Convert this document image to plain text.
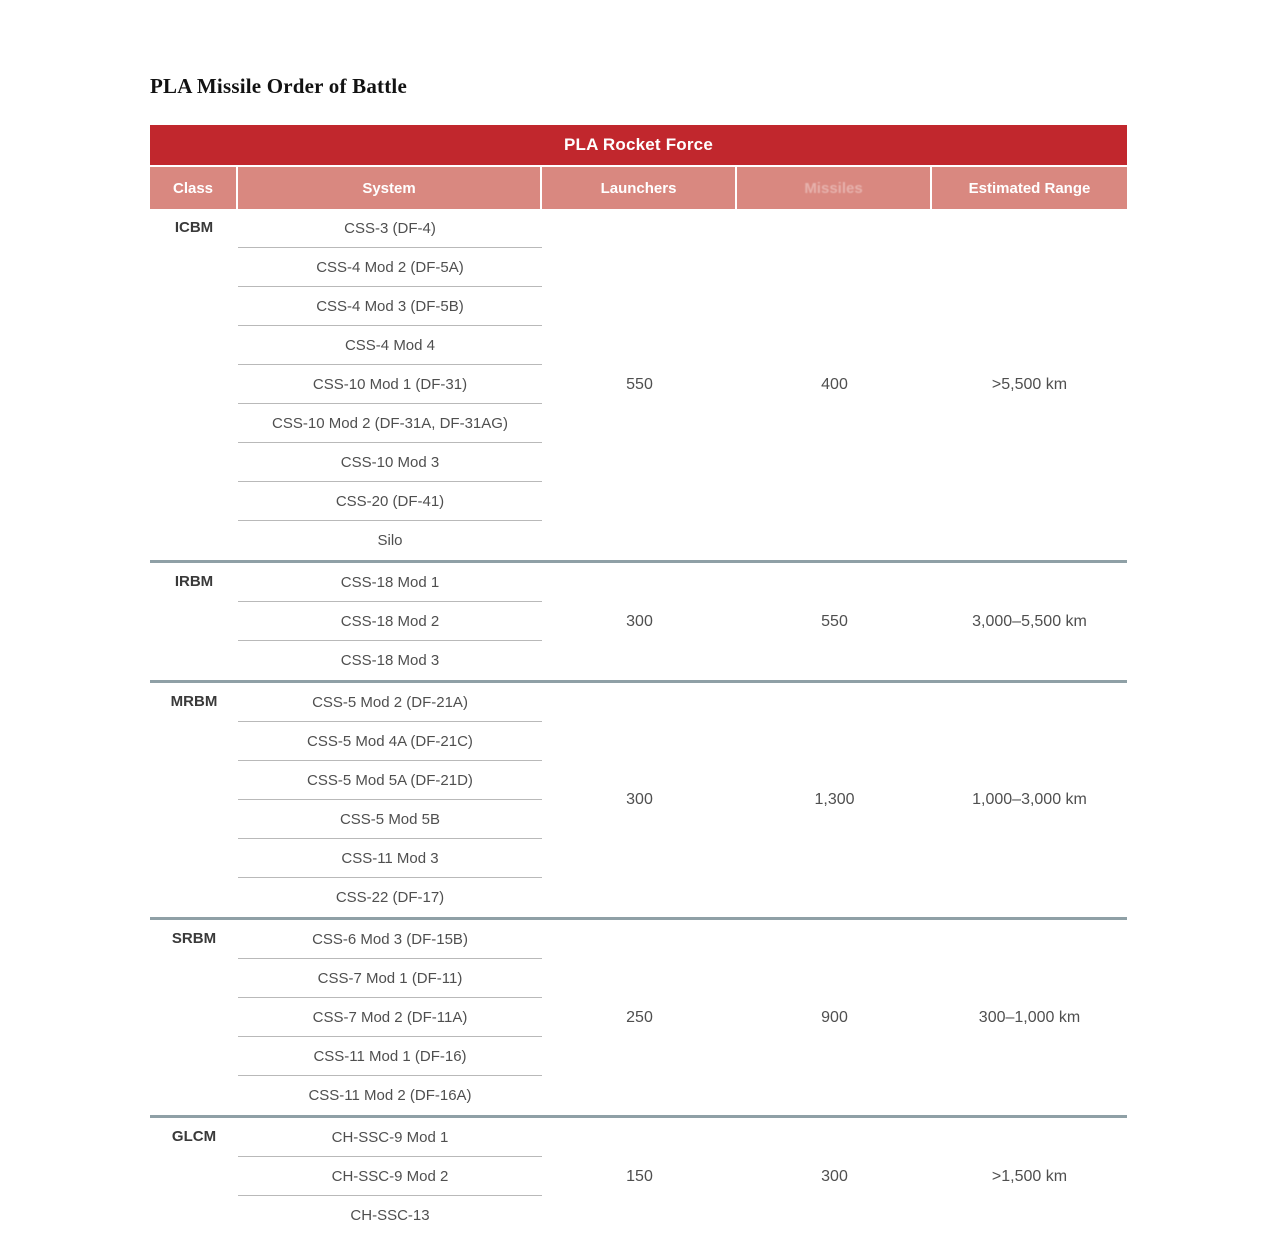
PLA Missile Order of Battle
PLA Rocket Force
Class	System	Launchers	Missiles	Estimated Range
ICBM	CSS-3 (DF-4)
CSS-4 Mod 2 (DF-5A)
CSS-4 Mod 3 (DF-5B)
CSS-4 Mod 4
CSS-10 Mod 1 (DF-31)
CSS-10 Mod 2 (DF-31A, DF-31AG)
CSS-10 Mod 3
CSS-20 (DF-41)
Silo
550	400	>5,500 km
IRBM	CSS-18 Mod 1
CSS-18 Mod 2
CSS-18 Mod 3
300	550	3,000–5,500 km
MRBM	CSS-5 Mod 2 (DF-21A)
CSS-5 Mod 4A (DF-21C)
CSS-5 Mod 5A (DF-21D)
CSS-5 Mod 5B
CSS-11 Mod 3
CSS-22 (DF-17)
300	1,300	1,000–3,000 km
SRBM	CSS-6 Mod 3 (DF-15B)
CSS-7 Mod 1 (DF-11)
CSS-7 Mod 2 (DF-11A)
CSS-11 Mod 1 (DF-16)
CSS-11 Mod 2 (DF-16A)
250	900	300–1,000 km
GLCM	CH-SSC-9 Mod 1
CH-SSC-9 Mod 2
CH-SSC-13
150	300	>1,500 km
